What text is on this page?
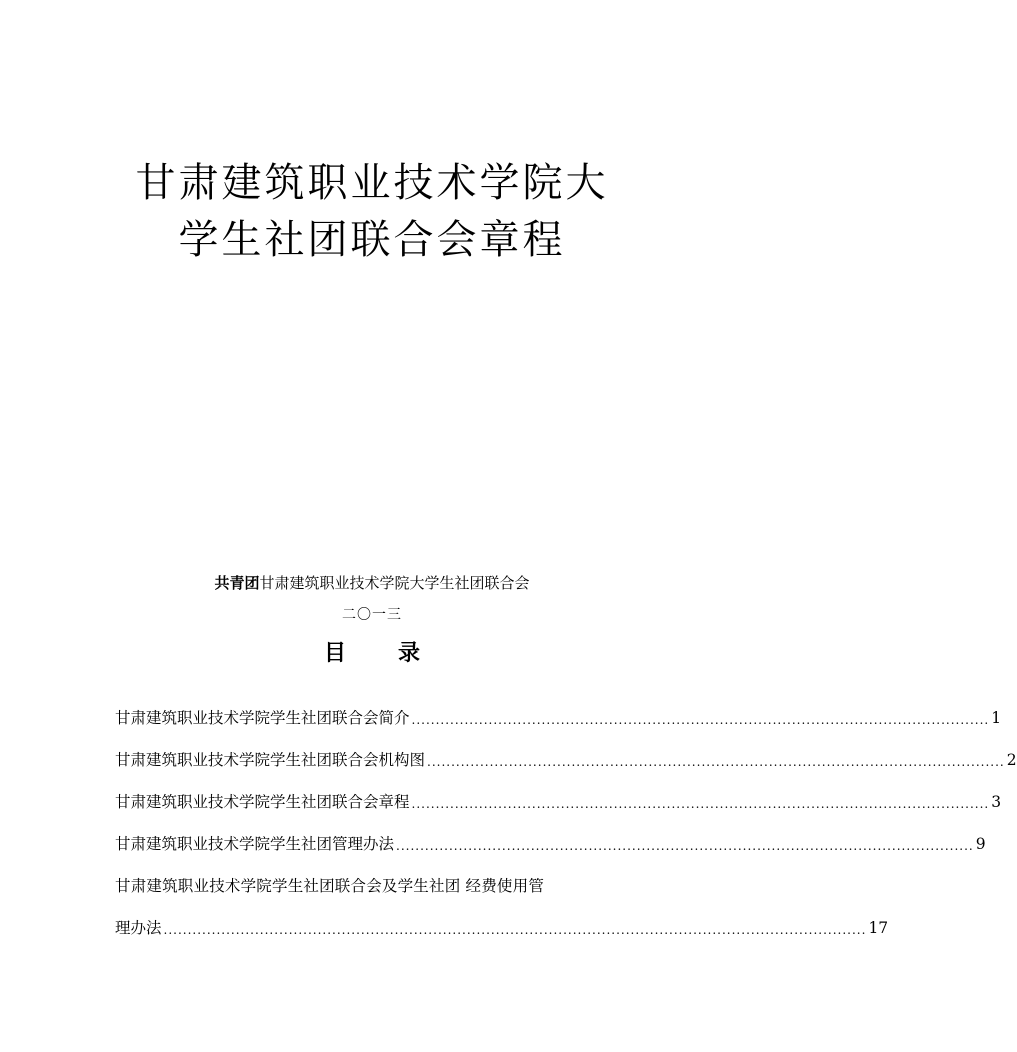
甘肃建筑职业技术学院大
学生社团联合会章程
共青团甘肃建筑职业技术学院大学生社团联合会
二〇一三
目 录
甘肃建筑职业技术学院学生社团联合会简介 ........................................................................................................................ 1
甘肃建筑职业技术学院学生社团联合会机构图 ........................................................................................................................ 2
甘肃建筑职业技术学院学生社团联合会章程 ........................................................................................................................ 3
甘肃建筑职业技术学院学生社团管理办法 ........................................................................................................................ 9
甘肃建筑职业技术学院学生社团联合会及学生社团 经费使用管
理办法 .................................................................................................................................................. 17
